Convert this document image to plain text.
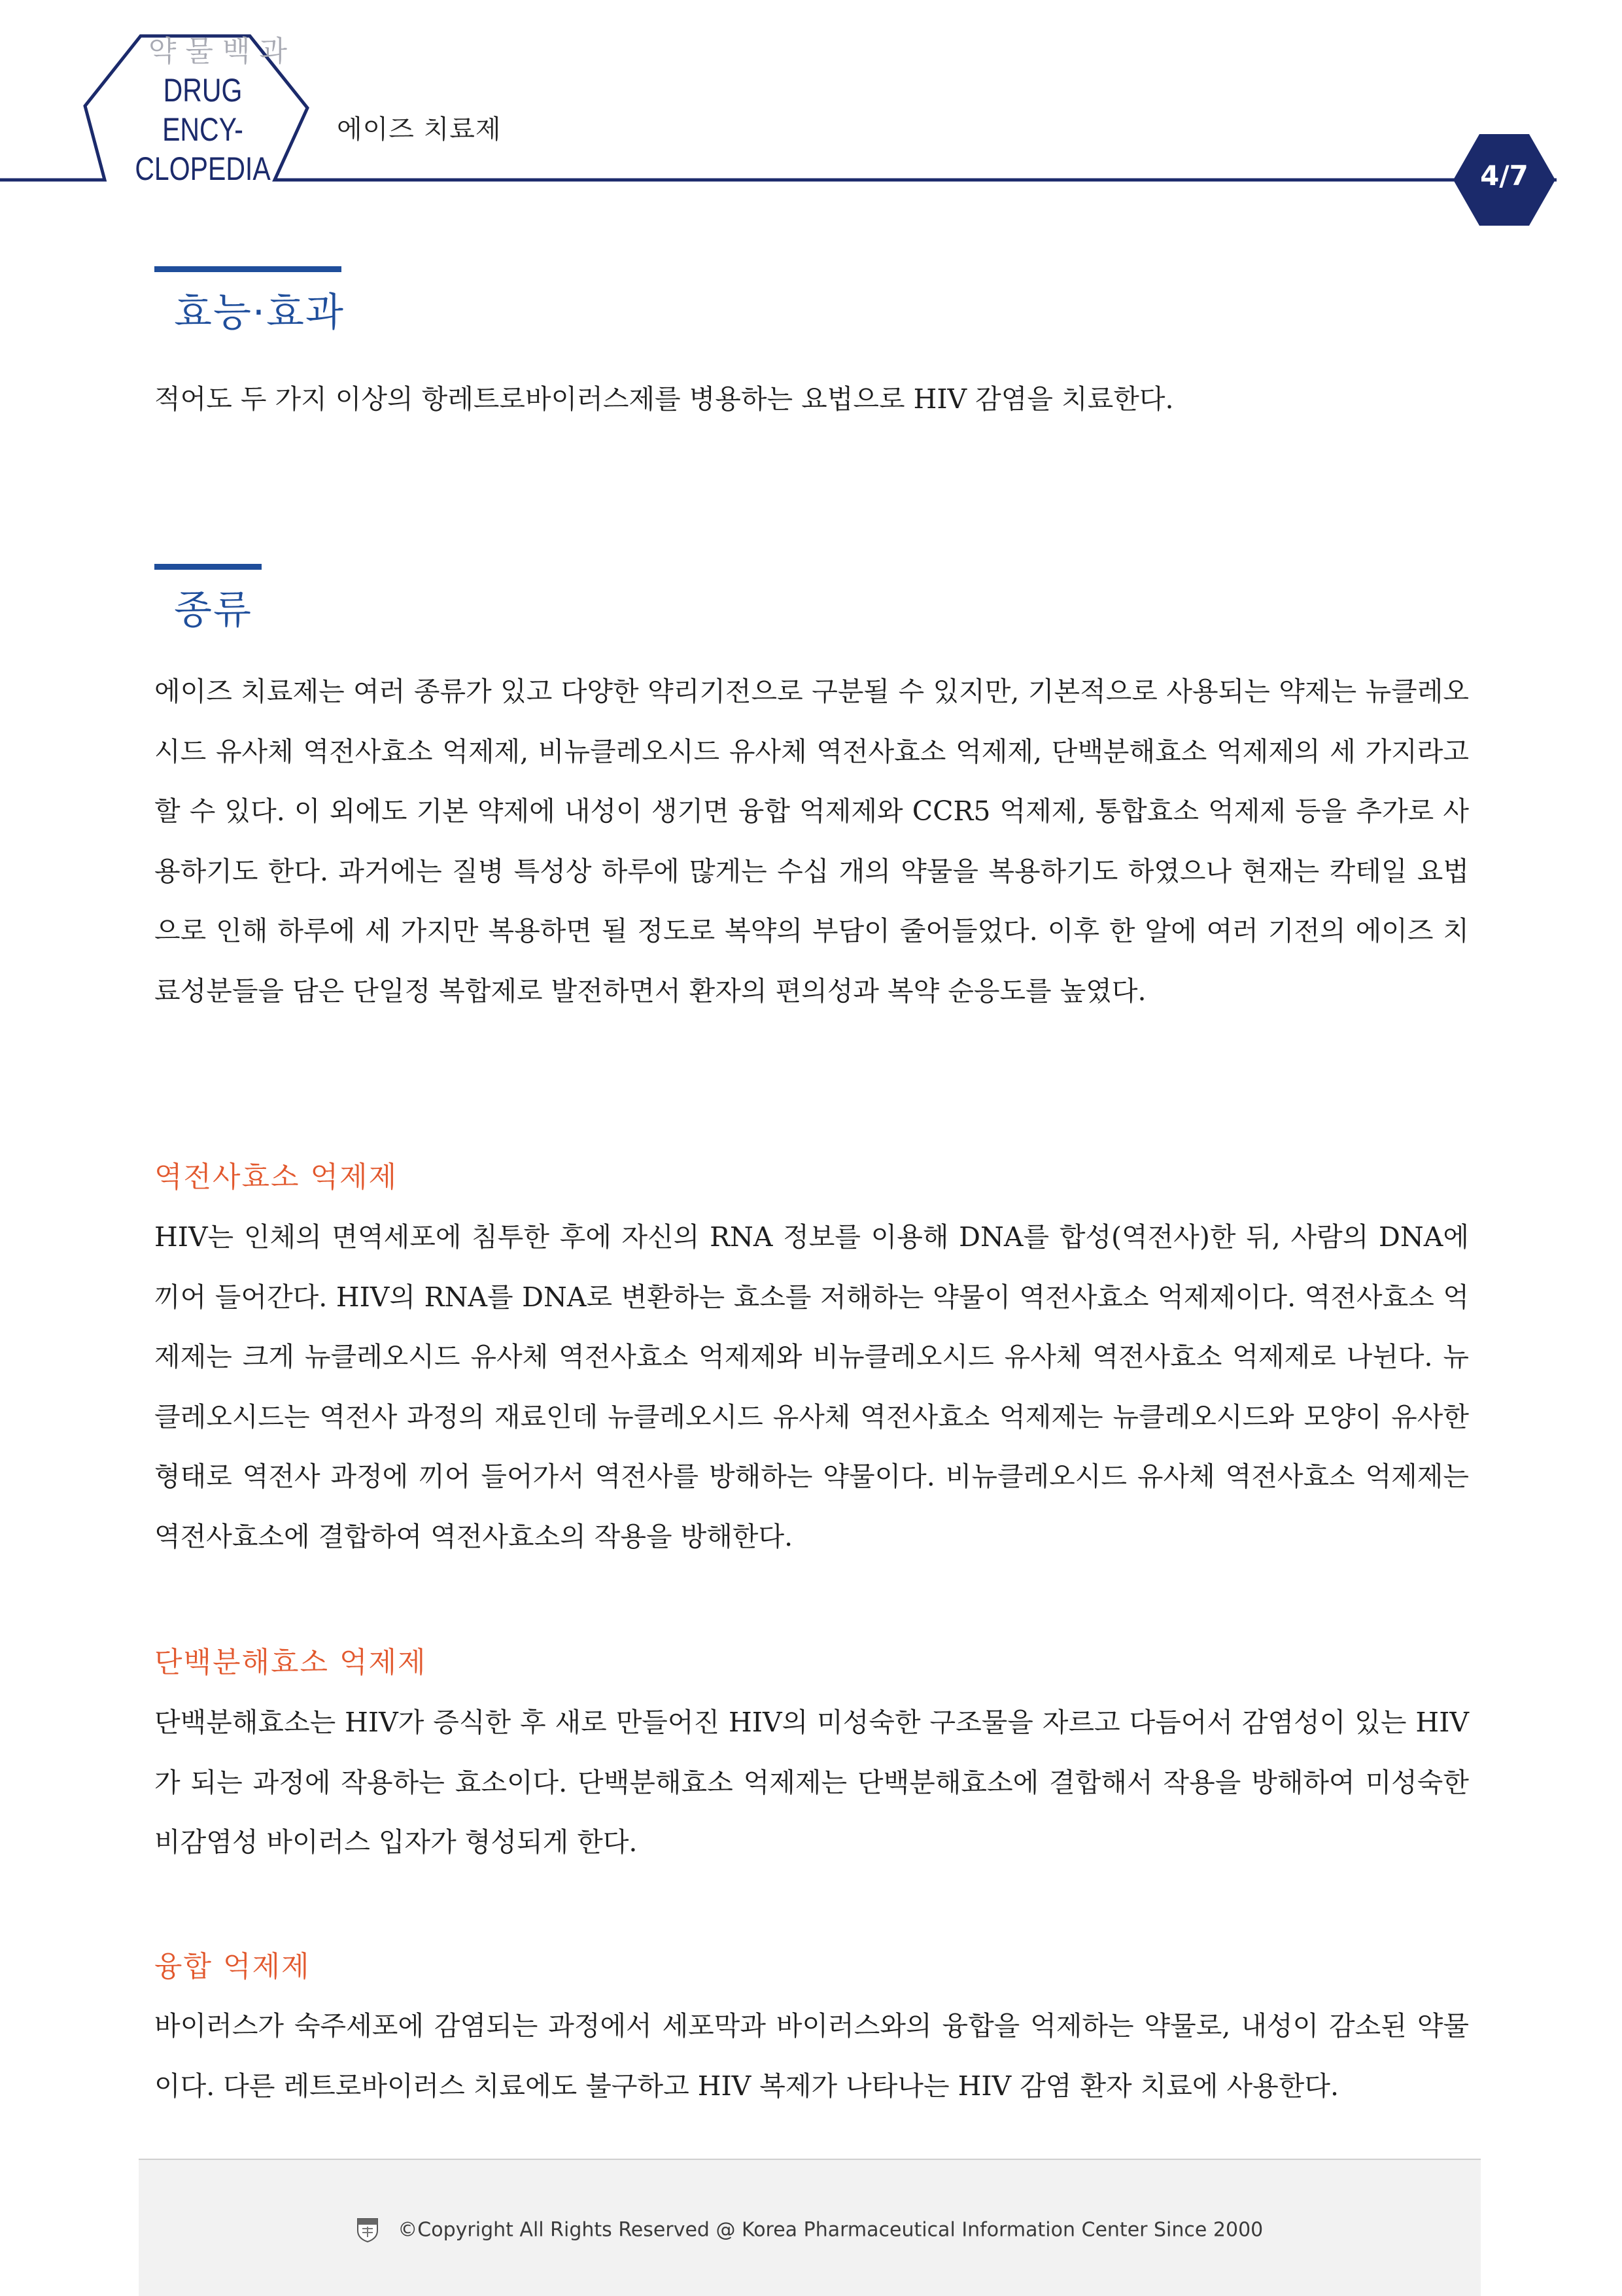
약물백과
DRUG ENCY-
CLOPEDIA
에이즈 치료제
4/7
효능·효과

적어도 두 가지 이상의 항레트로바이러스제를 병용하는 요법으로 HIV 감염을 치료한다.

종류

에이즈 치료제는 여러 종류가 있고 다양한 약리기전으로 구분될 수 있지만, 기본적으로 사용되는 약제는 뉴클레오시드 유사체 역전사효소 억제제, 비뉴클레오시드 유사체 역전사효소 억제제, 단백분해효소 억제제의 세 가지라고 할 수 있다. 이 외에도 기본 약제에 내성이 생기면 융합 억제제와 CCR5 억제제, 통합효소 억제제 등을 추가로 사용하기도 한다. 과거에는 질병 특성상 하루에 많게는 수십 개의 약물을 복용하기도 하였으나 현재는 칵테일 요법으로 인해 하루에 세 가지만 복용하면 될 정도로 복약의 부담이 줄어들었다. 이후 한 알에 여러 기전의 에이즈 치료성분들을 담은 단일정 복합제로 발전하면서 환자의 편의성과 복약 순응도를 높였다.

역전사효소 억제제

HIV는 인체의 면역세포에 침투한 후에 자신의 RNA 정보를 이용해 DNA를 합성(역전사)한 뒤, 사람의 DNA에 끼어 들어간다. HIV의 RNA를 DNA로 변환하는 효소를 저해하는 약물이 역전사효소 억제제이다. 역전사효소 억제제는 크게 뉴클레오시드 유사체 역전사효소 억제제와 비뉴클레오시드 유사체 역전사효소 억제제로 나뉜다. 뉴클레오시드는 역전사 과정의 재료인데 뉴클레오시드 유사체 역전사효소 억제제는 뉴클레오시드와 모양이 유사한 형태로 역전사 과정에 끼어 들어가서 역전사를 방해하는 약물이다. 비뉴클레오시드 유사체 역전사효소 억제제는 역전사효소에 결합하여 역전사효소의 작용을 방해한다.

단백분해효소 억제제

단백분해효소는 HIV가 증식한 후 새로 만들어진 HIV의 미성숙한 구조물을 자르고 다듬어서 감염성이 있는 HIV가 되는 과정에 작용하는 효소이다. 단백분해효소 억제제는 단백분해효소에 결합해서 작용을 방해하여 미성숙한 비감염성 바이러스 입자가 형성되게 한다.

융합 억제제

바이러스가 숙주세포에 감염되는 과정에서 세포막과 바이러스와의 융합을 억제하는 약물로, 내성이 감소된 약물이다. 다른 레트로바이러스 치료에도 불구하고 HIV 복제가 나타나는 HIV 감염 환자 치료에 사용한다.

©Copyright All Rights Reserved @ Korea Pharmaceutical Information Center Since 2000
